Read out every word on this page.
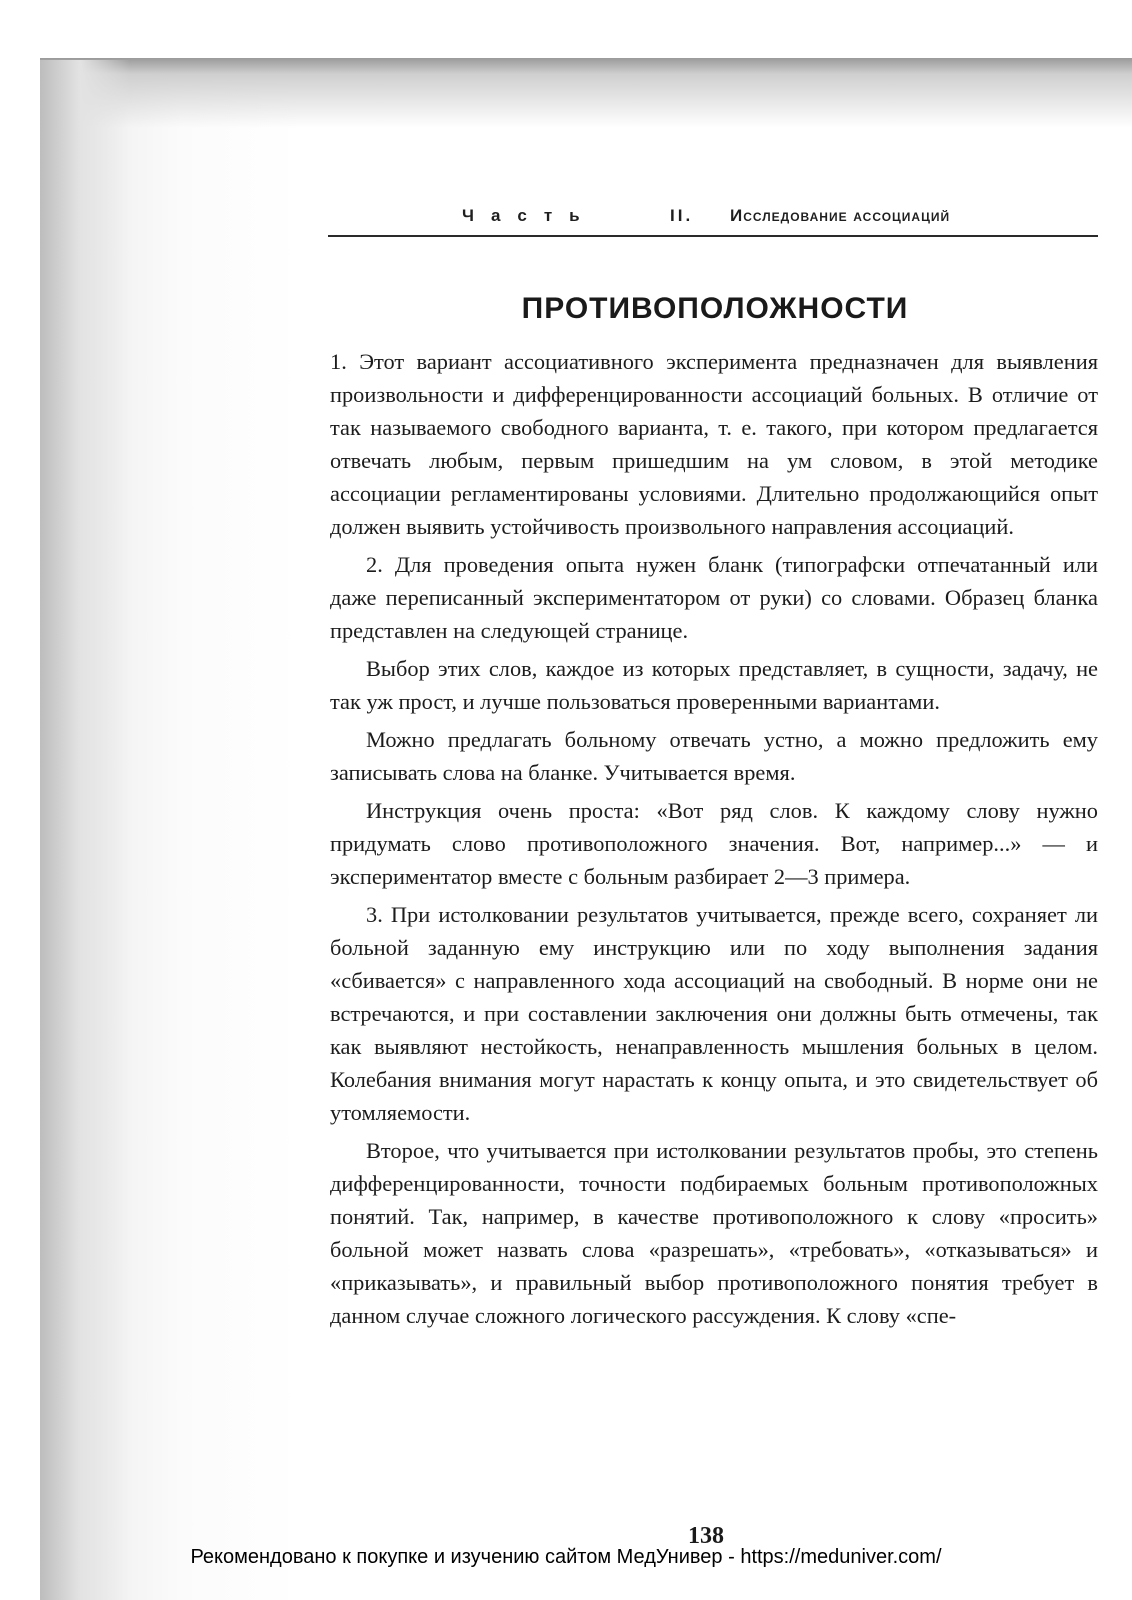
Часть	II. Исследование ассоциаций
ПРОТИВОПОЛОЖНОСТИ

1. Этот вариант ассоциативного эксперимента предназначен для выявления произвольности и дифференцированности ассоциаций больных. В отличие от так называемого свободного варианта, т. е. такого, при котором предлагается отвечать любым, первым пришедшим на ум словом, в этой методике ассоциации регламентированы условиями. Длительно продолжающийся опыт должен выявить устойчивость произвольного направления ассоциаций.

2. Для проведения опыта нужен бланк (типографски отпечатанный или даже переписанный экспериментатором от руки) со словами. Образец бланка представлен на следующей странице.

Выбор этих слов, каждое из которых представляет, в сущности, задачу, не так уж прост, и лучше пользоваться проверенными вариантами.

Можно предлагать больному отвечать устно, а можно предложить ему записывать слова на бланке. Учитывается время.

Инструкция очень проста: «Вот ряд слов. К каждому слову нужно придумать слово противоположного значения. Вот, например...» — и экспериментатор вместе с больным разбирает 2—3 примера.

3. При истолковании результатов учитывается, прежде всего, сохраняет ли больной заданную ему инструкцию или по ходу выполнения задания «сбивается» с направленного хода ассоциаций на свободный. В норме они не встречаются, и при составлении заключения они должны быть отмечены, так как выявляют нестойкость, ненаправленность мышления больных в целом. Колебания внимания могут нарастать к концу опыта, и это свидетельствует об утомляемости.

Второе, что учитывается при истолковании результатов пробы, это степень дифференцированности, точности подбираемых больным противоположных понятий. Так, например, в качестве противоположного к слову «просить» больной может назвать слова «разрешать», «требовать», «отказываться» и «приказывать», и правильный выбор противоположного понятия требует в данном случае сложного логического рассуждения. К слову «спе-

138
Рекомендовано к покупке и изучению сайтом МедУнивер - https://meduniver.com/
